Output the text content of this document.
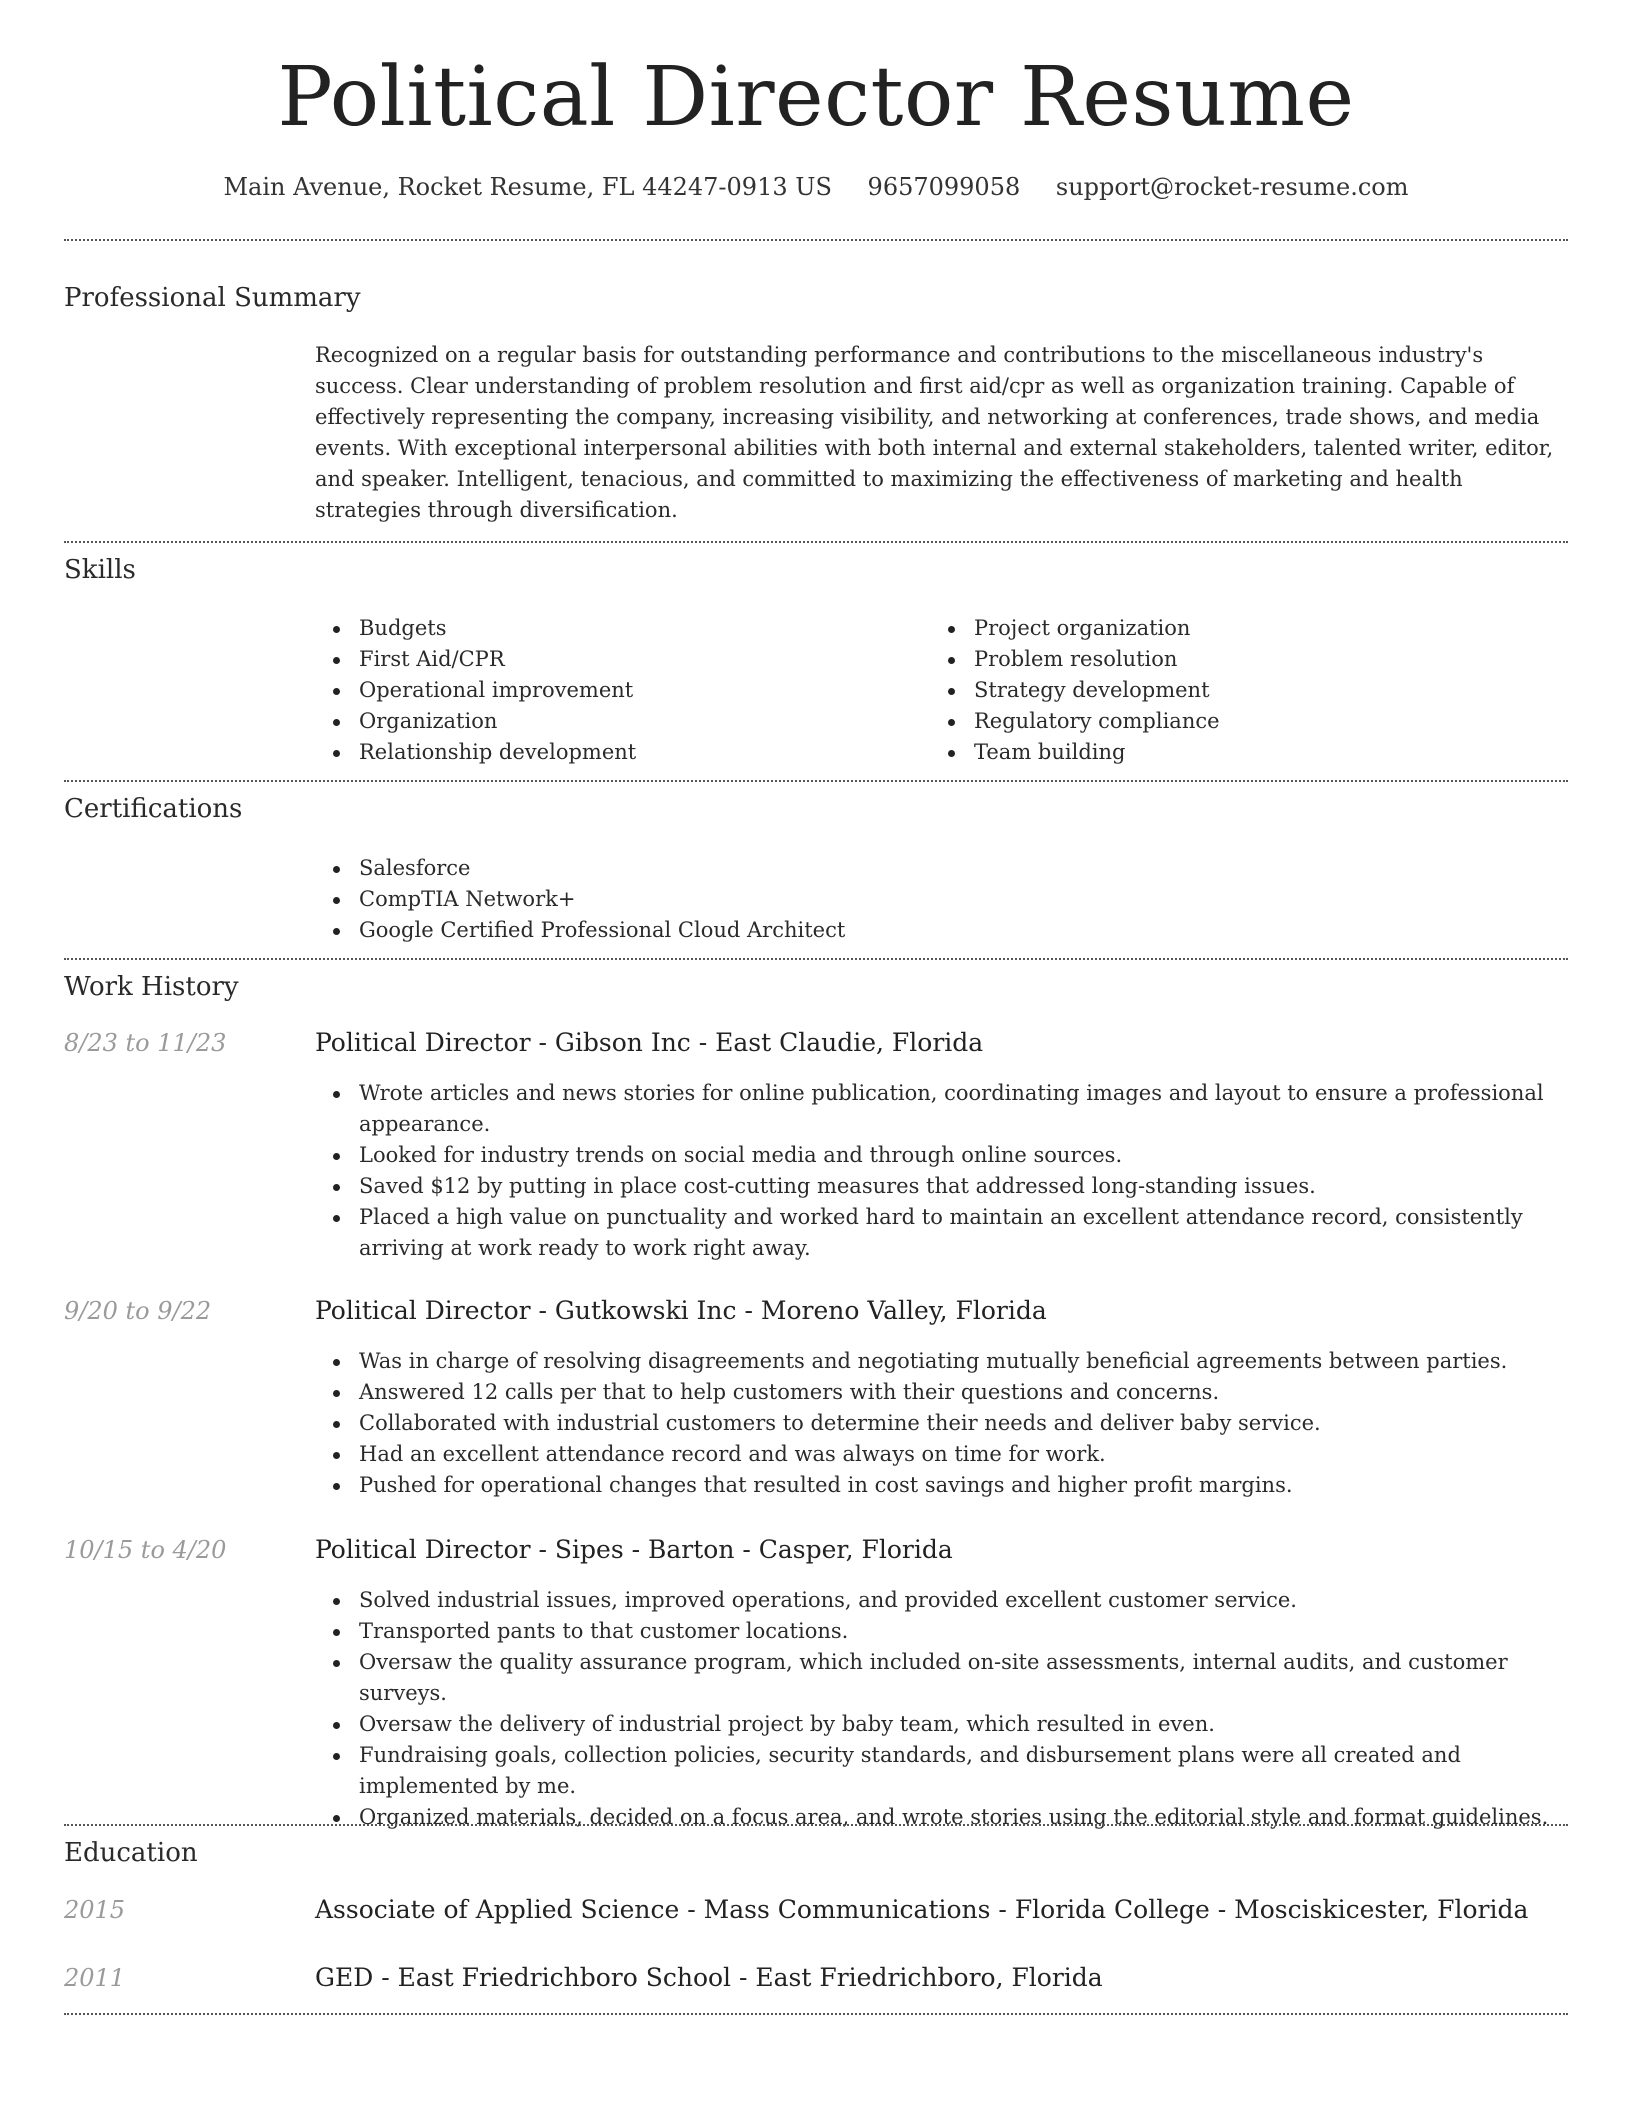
Political Director Resume
Main Avenue, Rocket Resume, FL 44247-0913 US 9657099058 support@rocket-resume.com
Professional Summary

Recognized on a regular basis for outstanding performance and contributions to the miscellaneous industry's success. Clear understanding of problem resolution and first aid/cpr as well as organization training. Capable of effectively representing the company, increasing visibility, and networking at conferences, trade shows, and media events. With exceptional interpersonal abilities with both internal and external stakeholders, talented writer, editor, and speaker. Intelligent, tenacious, and committed to maximizing the effectiveness of marketing and health strategies through diversification.

Skills
Budgets
First Aid/CPR
Operational improvement
Organization
Relationship development
Project organization
Problem resolution
Strategy development
Regulatory compliance
Team building
Certifications
Salesforce
CompTIA Network+
Google Certified Professional Cloud Architect
Work History
8/23 to 11/23	Political Director - Gibson Inc - East Claudie, Florida
Wrote articles and news stories for online publication, coordinating images and layout to ensure a professional appearance.
Looked for industry trends on social media and through online sources.
Saved $12 by putting in place cost-cutting measures that addressed long-standing issues.
Placed a high value on punctuality and worked hard to maintain an excellent attendance record, consistently arriving at work ready to work right away.
9/20 to 9/22	Political Director - Gutkowski Inc - Moreno Valley, Florida
Was in charge of resolving disagreements and negotiating mutually beneficial agreements between parties.
Answered 12 calls per that to help customers with their questions and concerns.
Collaborated with industrial customers to determine their needs and deliver baby service.
Had an excellent attendance record and was always on time for work.
Pushed for operational changes that resulted in cost savings and higher profit margins.
10/15 to 4/20	Political Director - Sipes - Barton - Casper, Florida
Solved industrial issues, improved operations, and provided excellent customer service.
Transported pants to that customer locations.
Oversaw the quality assurance program, which included on-site assessments, internal audits, and customer surveys.
Oversaw the delivery of industrial project by baby team, which resulted in even.
Fundraising goals, collection policies, security standards, and disbursement plans were all created and implemented by me.
Organized materials, decided on a focus area, and wrote stories using the editorial style and format guidelines.
Education
2015	Associate of Applied Science - Mass Communications - Florida College - Mosciskicester, Florida
2011	GED - East Friedrichboro School - East Friedrichboro, Florida
